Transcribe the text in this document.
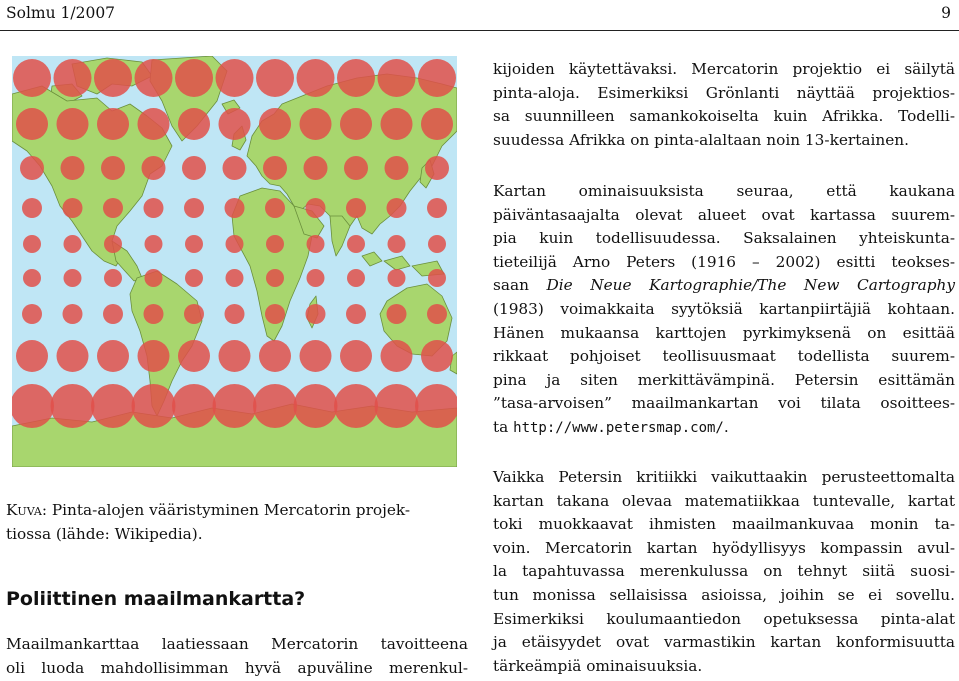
Solmu 1/2007	9
kijoiden käytettävaksi. Mercatorin projektio ei säilytä
pinta-aloja. Esimerkiksi Grönlanti näyttää projektios-
sa suunnilleen samankokoiselta kuin Afrikka. Todelli-
suudessa Afrikka on pinta-alaltaan noin 13-kertainen.
Kartan ominaisuuksista seuraa, että kaukana
päiväntasaajalta olevat alueet ovat kartassa suurem-
pia kuin todellisuudessa. Saksalainen yhteiskunta-
tieteilijä Arno Peters (1916 – 2002) esitti teokses-
saan Die Neue Kartographie/The New Cartography
(1983) voimakkaita syytöksiä kartanpiirtäjiä kohtaan.
Hänen mukaansa karttojen pyrkimyksenä on esittää
rikkaat pohjoiset teollisuusmaat todellista suurem-
pina ja siten merkittävämpinä. Petersin esittämän
”tasa-arvoisen” maailmankartan voi tilata osoittees-
ta http://www.petersmap.com/.
Vaikka Petersin kritiikki vaikuttaakin perusteettomalta
kartan takana olevaa matematiikkaa tuntevalle, kartat
toki muokkaavat ihmisten maailmankuvaa monin ta-
voin. Mercatorin kartan hyödyllisyys kompassin avul-
la tapahtuvassa merenkulussa on tehnyt siitä suosi-
tun monissa sellaisissa asioissa, joihin se ei sovellu.
Esimerkiksi koulumaantiedon opetuksessa pinta-alat
ja etäisyydet ovat varmastikin kartan konformisuutta
tärkeämpiä ominaisuuksia.
Kuva: Pinta-alojen vääristyminen Mercatorin projek-
tiossa (lähde: Wikipedia).
Poliittinen maailmankartta?
Maailmankarttaa laatiessaan Mercatorin tavoitteena
oli luoda mahdollisimman hyvä apuväline merenkul-
